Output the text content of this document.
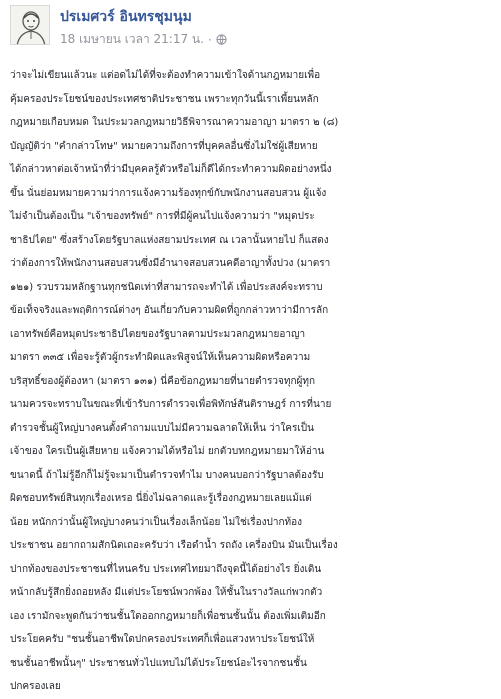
ปรเมศวร์ อินทรชุมนุม
18 เมษายน เวลา 21:17 น. ·
ว่าจะไม่เขียนแล้วนะ แต่อดไม่ได้ที่จะต้องทำความเข้าใจด้านกฎหมายเพื่อ
คุ้มครองประโยชน์ของประเทศชาติประชาชน เพราะทุกวันนี้เราเพี้ยนหลัก
กฎหมายเกือบหมด ในประมวลกฎหมายวิธีพิจารณาความอาญา มาตรา ๒ (๘)
บัญญัติว่า "คำกล่าวโทษ" หมายความถึงการที่บุคคลอื่นซึ่งไม่ใช่ผู้เสียหาย
ได้กล่าวหาต่อเจ้าหน้าที่ว่ามีบุคคลรู้ตัวหรือไม่ก็ดีได้กระทำความผิดอย่างหนึ่ง
ขึ้น นั่นย่อมหมายความว่าการแจ้งความร้องทุกข์กับพนักงานสอบสวน ผู้แจ้ง
ไม่จำเป็นต้องเป็น "เจ้าของทรัพย์" การที่มีผู้คนไปแจ้งความว่า "หมุดประ
ชาธิปไตย" ซึ่งสร้างโดยรัฐบาลแห่งสยามประเทศ ณ เวลานั้นหายไป ก็แสดง
ว่าต้องการให้พนักงานสอบสวนซึ่งมีอำนาจสอบสวนคดีอาญาทั้งปวง (มาตรา
๑๒๑) รวบรวมหลักฐานทุกชนิดเท่าที่สามารถจะทำได้ เพื่อประสงค์จะทราบ
ข้อเท็จจริงและพฤติการณ์ต่างๆ อันเกี่ยวกับความผิดที่ถูกกล่าวหาว่ามีการลัก
เอาทรัพย์คือหมุดประชาธิปไตยของรัฐบาลตามประมวลกฎหมายอาญา
มาตรา ๓๓๕ เพื่อจะรู้ตัวผู้กระทำผิดและพิสูจน์ให้เห็นความผิดหรือความ
บริสุทธิ์ของผู้ต้องหา (มาตรา ๑๓๑) นี่คือข้อกฎหมายที่นายตำรวจทุกผู้ทุก
นามควรจะทราบในขณะที่เข้ารับการตำรวจเพื่อพิทักษ์สันติราษฎร์ การที่นาย
ตำรวจชั้นผู้ใหญ่บางคนตั้งคำถามแบบไม่มีความฉลาดให้เห็น ว่าใครเป็น
เจ้าของ ใครเป็นผู้เสียหาย แจ้งความได้หรือไม่ ยกตัวบทกฎหมายมาให้อ่าน
ขนาดนี้ ถ้าไม่รู้อีกก็ไม่รู้จะมาเป็นตำรวจทำไม บางคนบอกว่ารัฐบาลต้องรับ
ผิดชอบทรัพย์สินทุกเรื่องเหรอ นี่ยิ่งไม่ฉลาดและรู้เรื่องกฎหมายเลยแม้แต่
น้อย หนักกว่านั้นผู้ใหญ่บางคนว่าเป็นเรื่องเล็กน้อย ไม่ใช่เรื่องปากท้อง
ประชาชน อยากถามสักนิดเถอะครับว่า เรือดำน้ำ รถถัง เครื่องบิน มันเป็นเรื่อง
ปากท้องของประชาชนที่ไหนครับ ประเทศไทยมาถึงจุดนี้ได้อย่างไร ยิ่งเดิน
หน้ากลับรู้สึกยิ่งถอยหลัง มีแต่ประโยชน์พวกพ้อง ให้ชั้นในรางวัลแก่พวกตัว
เอง เรามักจะพูดกันว่าชนชั้นใดออกกฎหมายก็เพื่อชนชั้นนั้น ต้องเพิ่มเติมอีก
ประโยคครับ "ชนชั้นอาชีพใดปกครองประเทศก็เพื่อแสวงหาประโยชน์ให้
ชนชั้นอาชีพนั้นๆ" ประชาชนทั่วไปแทบไม่ได้ประโยชน์อะไรจากชนชั้น
ปกครองเลย
